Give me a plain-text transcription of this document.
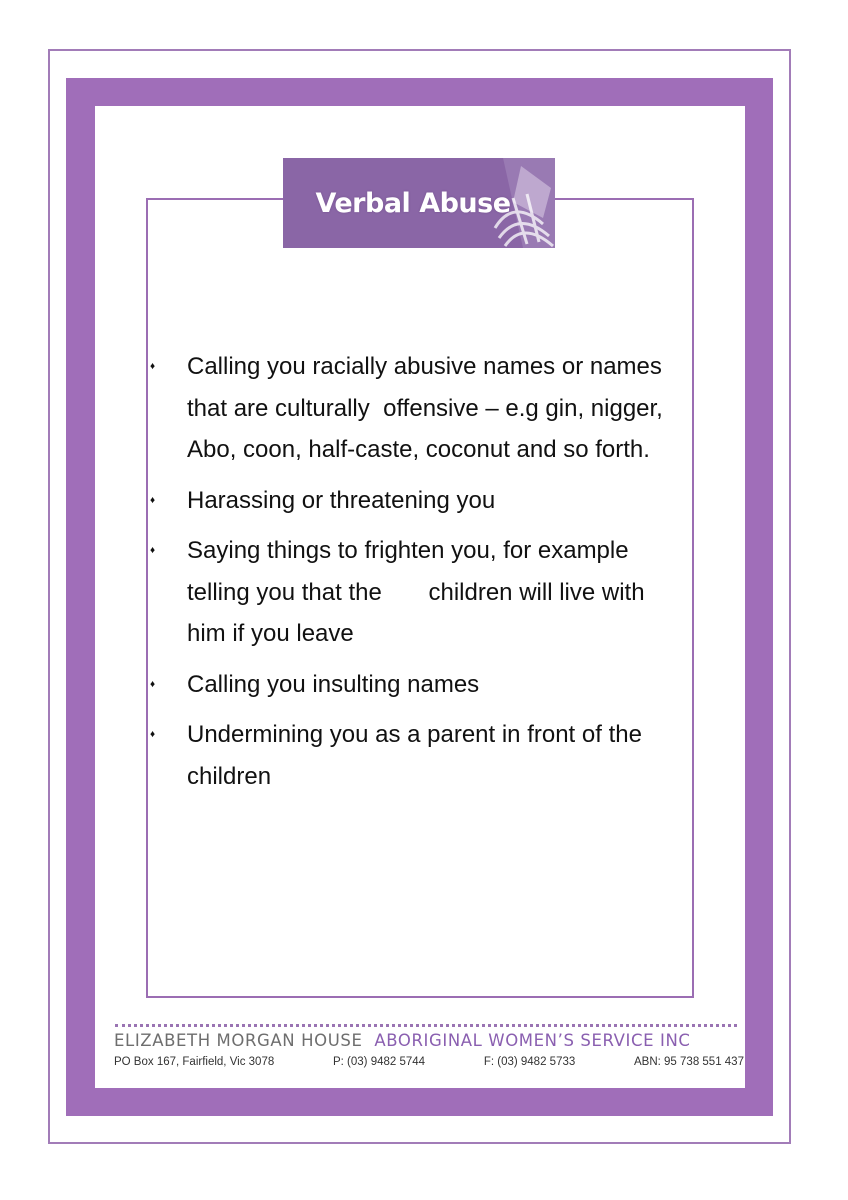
Verbal Abuse
♦ Calling you racially abusive names or names that are culturally  offensive – e.g gin, nigger, Abo, coon, half-caste, coconut and so forth.
♦ Harassing or threatening you
♦ Saying things to frighten you, for example telling you that the       children will live with him if you leave
♦ Calling you insulting names
♦ Undermining you as a parent in front of the children
ELIZABETH MORGAN HOUSE ABORIGINAL WOMEN’S SERVICE INC
PO Box 167, Fairfield, Vic 3078	P: (03) 9482 5744	F: (03) 9482 5733	ABN: 95 738 551 437
